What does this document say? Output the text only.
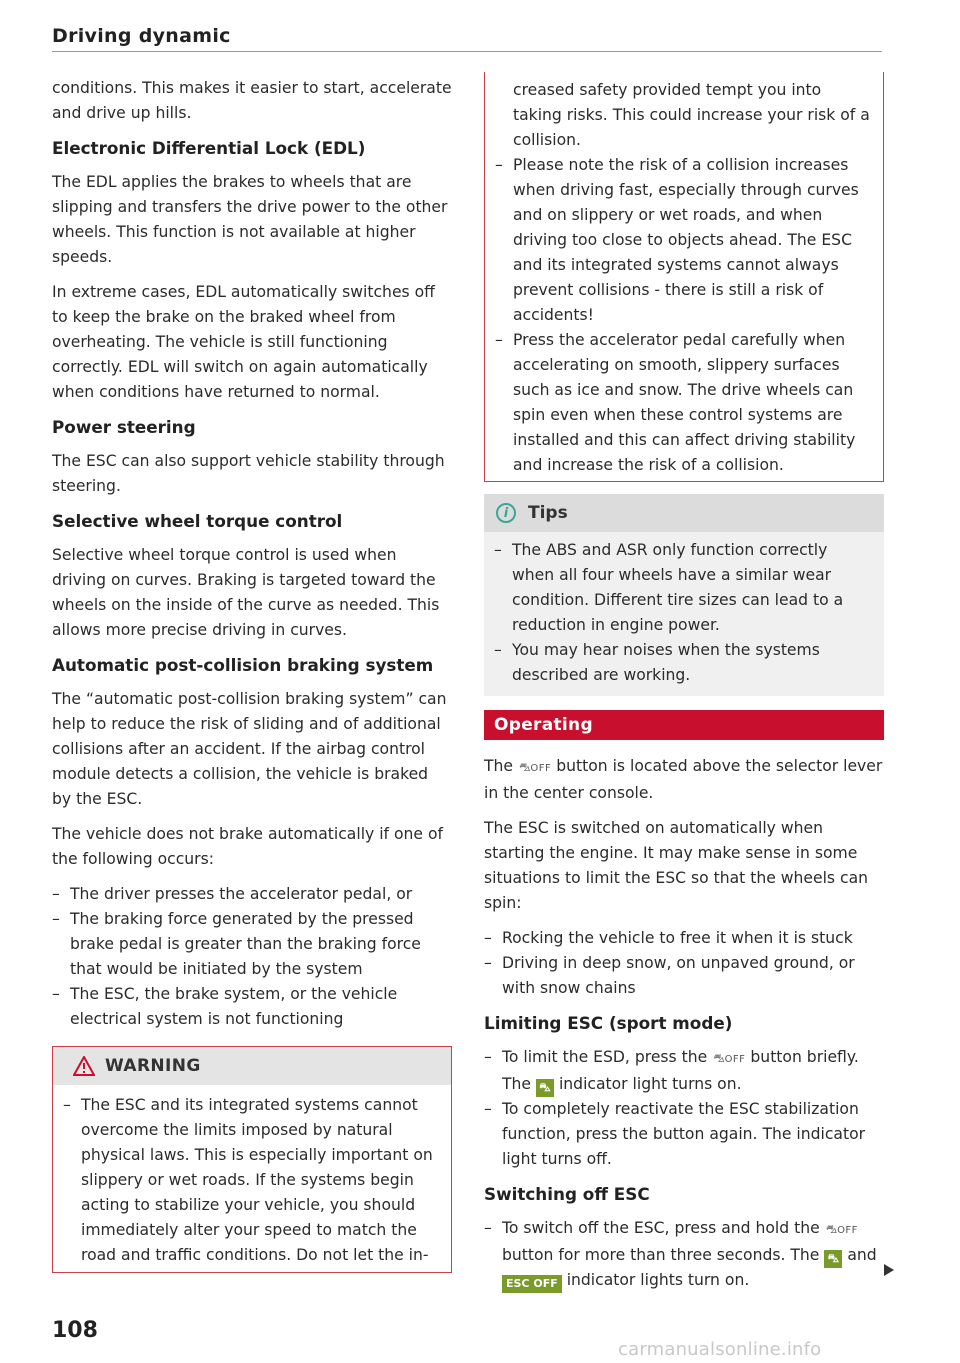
Driving dynamic

conditions. This makes it easier to start, accelerate and drive up hills.

Electronic Differential Lock (EDL)

The EDL applies the brakes to wheels that are slipping and transfers the drive power to the other wheels. This function is not available at higher speeds.

In extreme cases, EDL automatically switches off to keep the brake on the braked wheel from overheating. The vehicle is still functioning correctly. EDL will switch on again automatically when conditions have returned to normal.

Power steering

The ESC can also support vehicle stability through steering.

Selective wheel torque control

Selective wheel torque control is used when driving on curves. Braking is targeted toward the wheels on the inside of the curve as needed. This allows more precise driving in curves.

Automatic post-collision braking system

The “automatic post-collision braking system” can help to reduce the risk of sliding and of additional collisions after an accident. If the airbag control module detects a collision, the vehicle is braked by the ESC.

The vehicle does not brake automatically if one of the following occurs:

– The driver presses the accelerator pedal, or
– The braking force generated by the pressed brake pedal is greater than the braking force that would be initiated by the system
– The ESC, the brake system, or the vehicle electrical system is not functioning
WARNING
– The ESC and its integrated systems cannot overcome the limits imposed by natural physical laws. This is especially important on slippery or wet roads. If the systems begin acting to stabilize your vehicle, you should immediately alter your speed to match the road and traffic conditions. Do not let the in-
creased safety provided tempt you into taking risks. This could increase your risk of a collision.
– Please note the risk of a collision increases when driving fast, especially through curves and on slippery or wet roads, and when driving too close to objects ahead. The ESC and its integrated systems cannot always prevent collisions - there is still a risk of accidents!
– Press the accelerator pedal carefully when accelerating on smooth, slippery surfaces such as ice and snow. The drive wheels can spin even when these control systems are installed and this can affect driving stability and increase the risk of a collision.
i	Tips
– The ABS and ASR only function correctly when all four wheels have a similar wear condition. Different tire sizes can lead to a reduction in engine power.
– You may hear noises when the systems described are working.
Operating

The ⛍OFF button is located above the selector lever in the center console.

The ESC is switched on automatically when starting the engine. It may make sense in some situations to limit the ESC so that the wheels can spin:

– Rocking the vehicle to free it when it is stuck
– Driving in deep snow, on unpaved ground, or with snow chains
Limiting ESC (sport mode)
– To limit the ESD, press the ⛍OFF button briefly. The ⛍ indicator light turns on.
– To completely reactivate the ESC stabilization function, press the button again. The indicator light turns off.
Switching off ESC
– To switch off the ESC, press and hold the ⛍OFF button for more than three seconds. The ⛍ and ESC OFF indicator lights turn on.
108
carmanualsonline.info
